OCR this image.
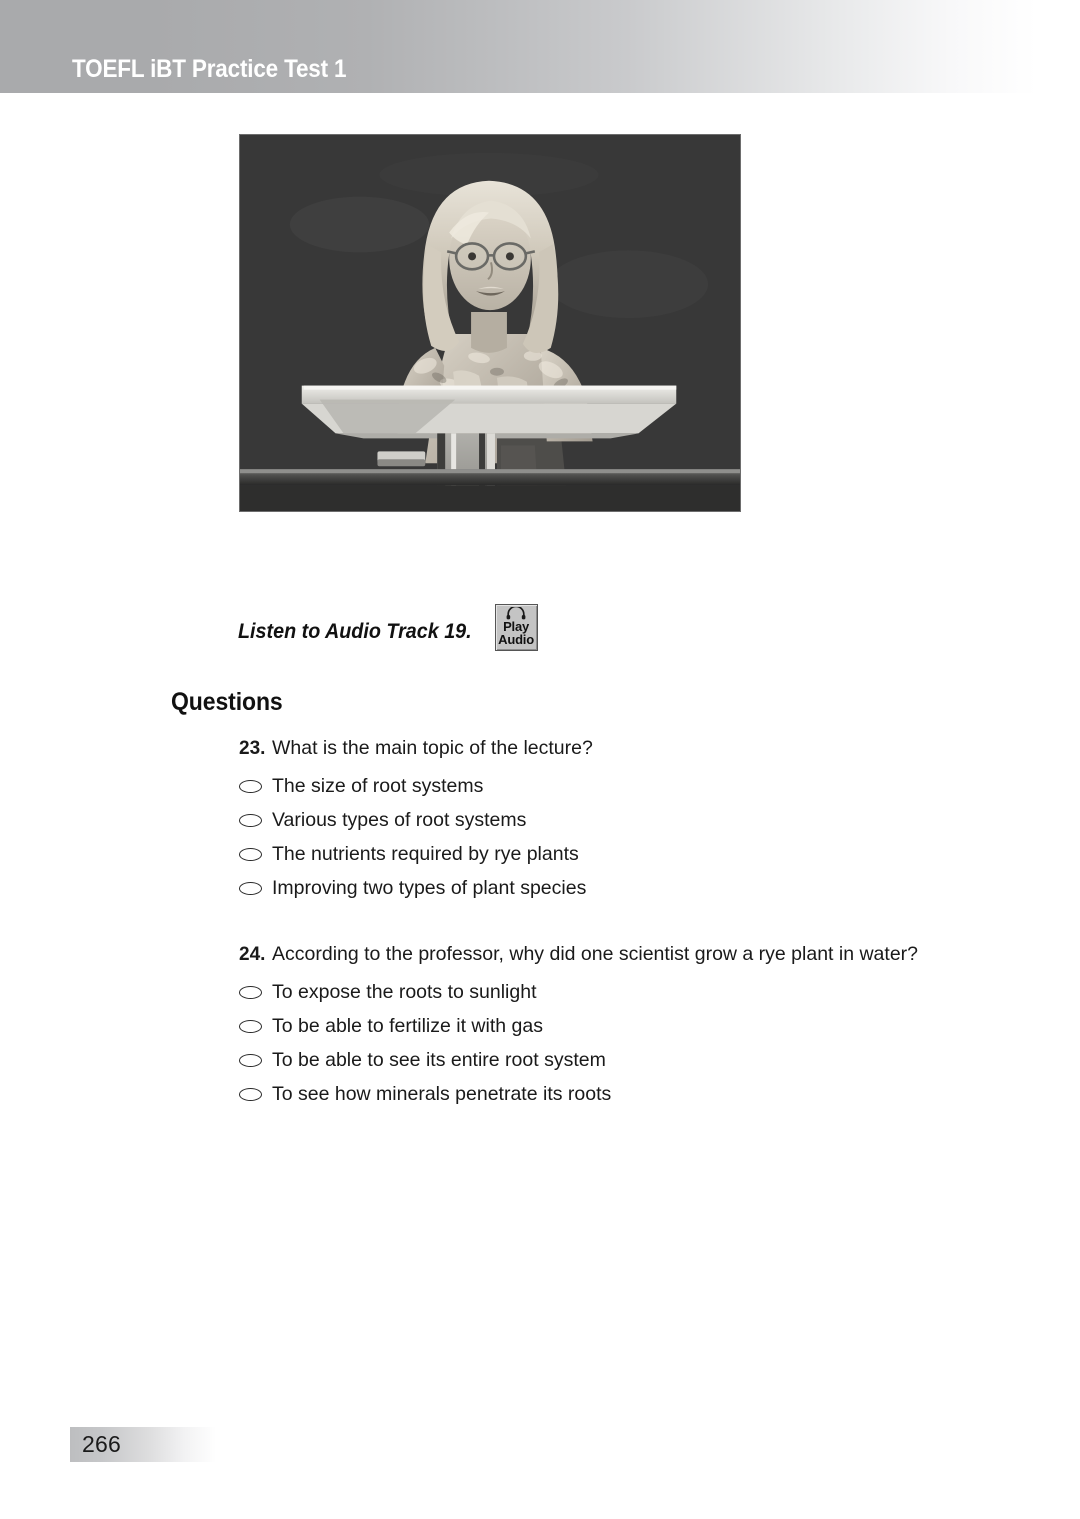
TOEFL iBT Practice Test 1
Listen to Audio Track 19. Play
Audio
Questions
23. What is the main topic of the lecture?
The size of root systems
Various types of root systems
The nutrients required by rye plants
Improving two types of plant species
24. According to the professor, why did one scientist grow a rye plant in water?
To expose the roots to sunlight
To be able to fertilize it with gas
To be able to see its entire root system
To see how minerals penetrate its roots
266
